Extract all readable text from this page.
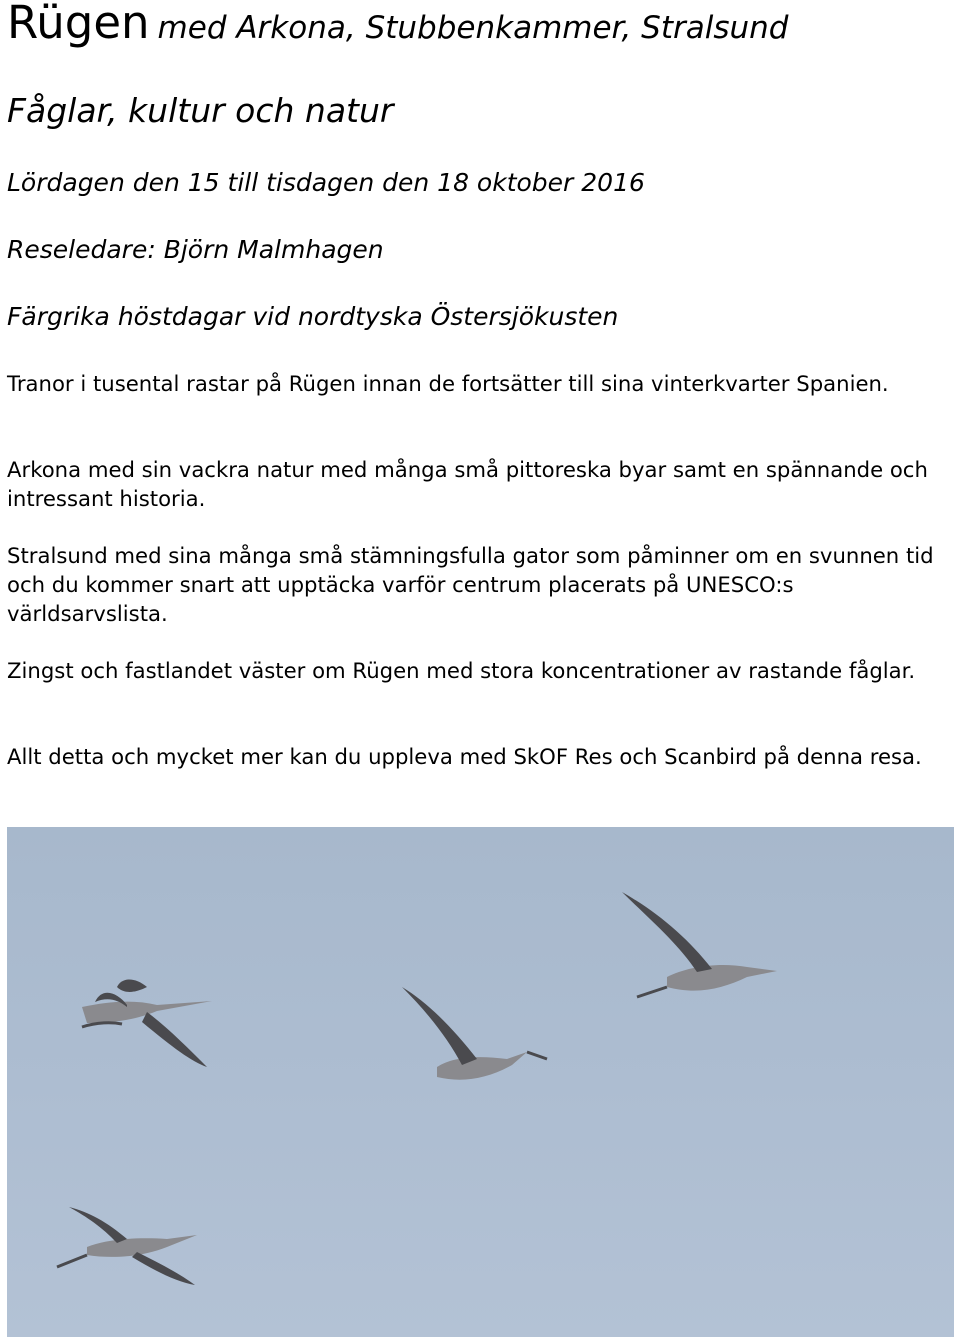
Rügen med Arkona, Stubbenkammer, Stralsund
Fåglar, kultur och natur
Lördagen den 15 till tisdagen den 18 oktober 2016
Reseledare: Björn Malmhagen
Färgrika höstdagar vid nordtyska Östersjökusten

Tranor i tusental rastar på Rügen innan de fortsätter till sina vinterkvarter Spanien.

Arkona med sin vackra natur med många små pittoreska byar samt en spännande och intressant historia.

Stralsund med sina många små stämningsfulla gator som påminner om en svunnen tid och du kommer snart att upptäcka varför centrum placerats på UNESCO:s världsarvslista.

Zingst och fastlandet väster om Rügen med stora koncentrationer av rastande fåglar.

Allt detta och mycket mer kan du uppleva med SkOF Res och Scanbird på denna resa.
